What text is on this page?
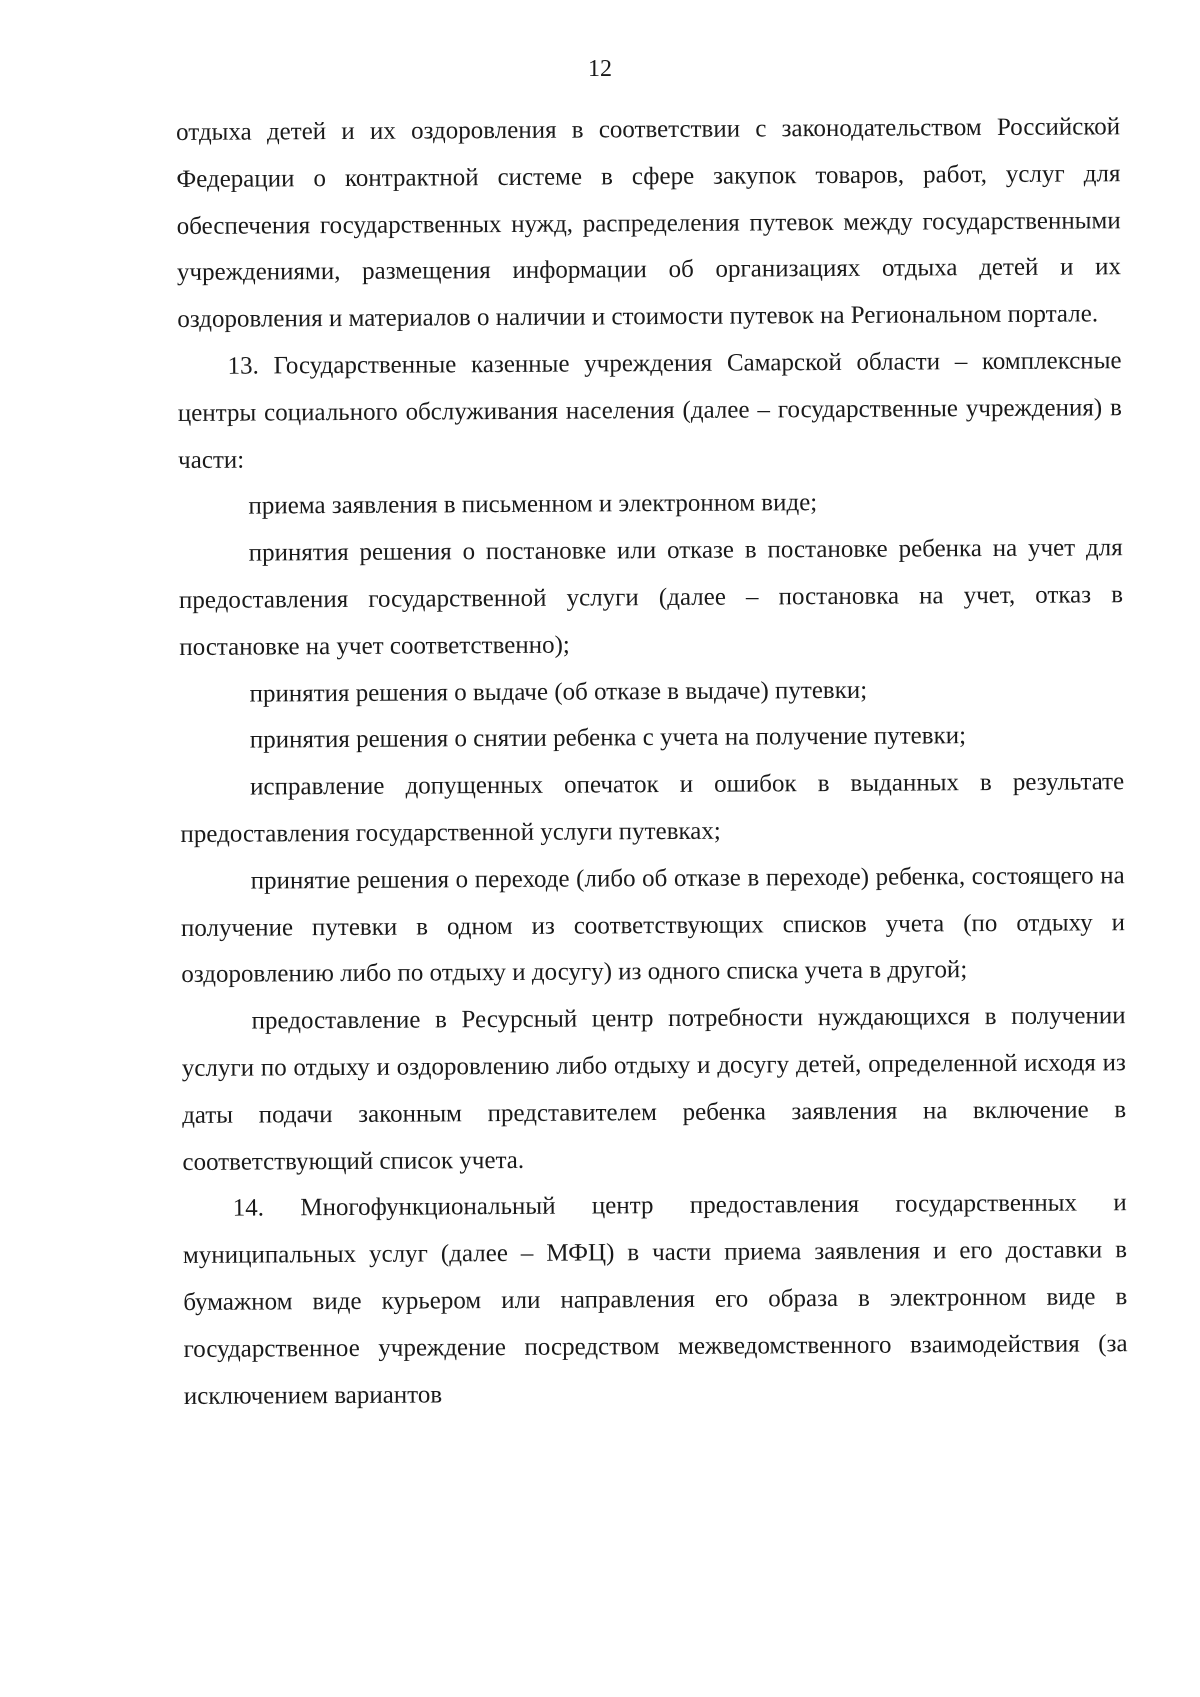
12

отдыха детей и их оздоровления в соответствии с законодательством Российской Федерации о контрактной системе в сфере закупок товаров, работ, услуг для обеспечения государственных нужд, распределения путевок между государственными учреждениями, размещения информации об организациях отдыха детей и их оздоровления и материалов о наличии и стоимости путевок на Региональном портале.

13. Государственные казенные учреждения Самарской области – комплексные центры социального обслуживания населения (далее – государственные учреждения) в части:

приема заявления в письменном и электронном виде;

принятия решения о постановке или отказе в постановке ребенка на учет для предоставления государственной услуги (далее – постановка на учет, отказ в постановке на учет соответственно);

принятия решения о выдаче (об отказе в выдаче) путевки;

принятия решения о снятии ребенка с учета на получение путевки;

исправление допущенных опечаток и ошибок в выданных в результате предоставления государственной услуги путевках;

принятие решения о переходе (либо об отказе в переходе) ребенка, состоящего на получение путевки в одном из соответствующих списков учета (по отдыху и оздоровлению либо по отдыху и досугу) из одного списка учета в другой;

предоставление в Ресурсный центр потребности нуждающихся в получении услуги по отдыху и оздоровлению либо отдыху и досугу детей, определенной исходя из даты подачи законным представителем ребенка заявления на включение в соответствующий список учета.

14. Многофункциональный центр предоставления государственных и муниципальных услуг (далее – МФЦ) в части приема заявления и его доставки в бумажном виде курьером или направления его образа в электронном виде в государственное учреждение посредством межведомственного взаимодействия (за исключением вариантов
